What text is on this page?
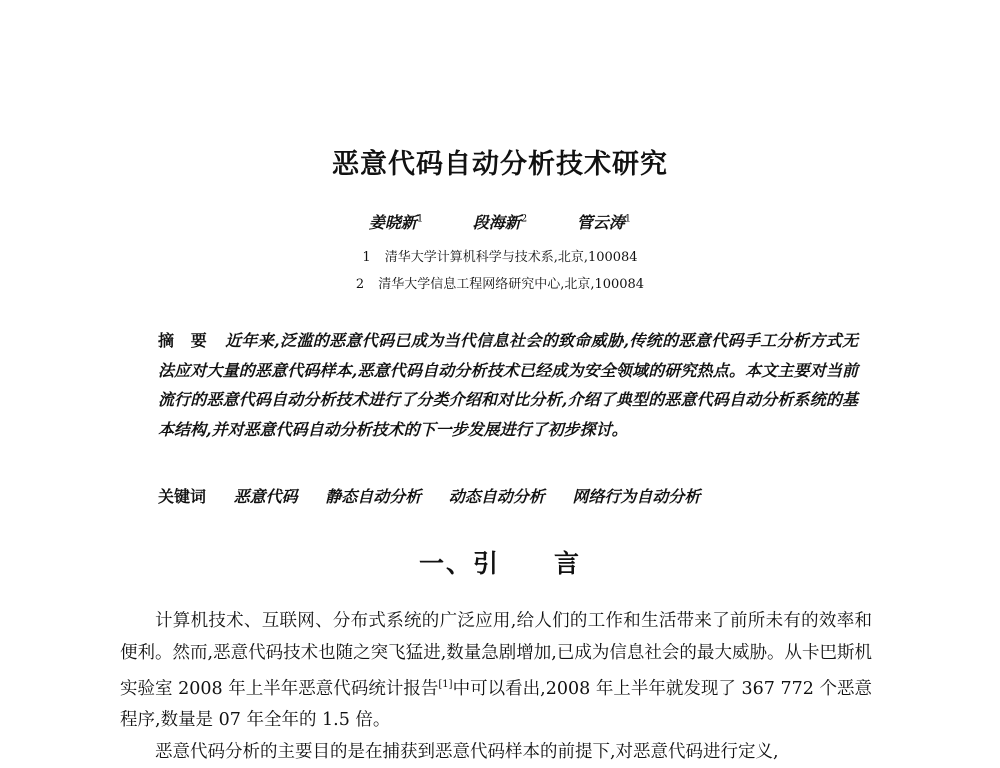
恶意代码自动分析技术研究
姜晓新$^1$	段海新$^2$	管云涛$^1$
1 清华大学计算机科学与技术系,北京,100084
2 清华大学信息工程网络研究中心,北京,100084
摘　要 近年来,泛滥的恶意代码已成为当代信息社会的致命威胁,传统的恶意代码手工分析方式无法应对大量的恶意代码样本,恶意代码自动分析技术已经成为安全领域的研究热点。本文主要对当前流行的恶意代码自动分析技术进行了分类介绍和对比分析,介绍了典型的恶意代码自动分析系统的基本结构,并对恶意代码自动分析技术的下一步发展进行了初步探讨。
关键词 恶意代码 静态自动分析 动态自动分析 网络行为自动分析
一、引　　言

计算机技术、互联网、分布式系统的广泛应用,给人们的工作和生活带来了前所未有的效率和便利。然而,恶意代码技术也随之突飞猛进,数量急剧增加,已成为信息社会的最大威胁。从卡巴斯机实验室 2008 年上半年恶意代码统计报告[1]中可以看出,2008 年上半年就发现了 367 772 个恶意程序,数量是 07 年全年的 1.5 倍。

恶意代码分析的主要目的是在捕获到恶意代码样本的前提下,对恶意代码进行定义,
